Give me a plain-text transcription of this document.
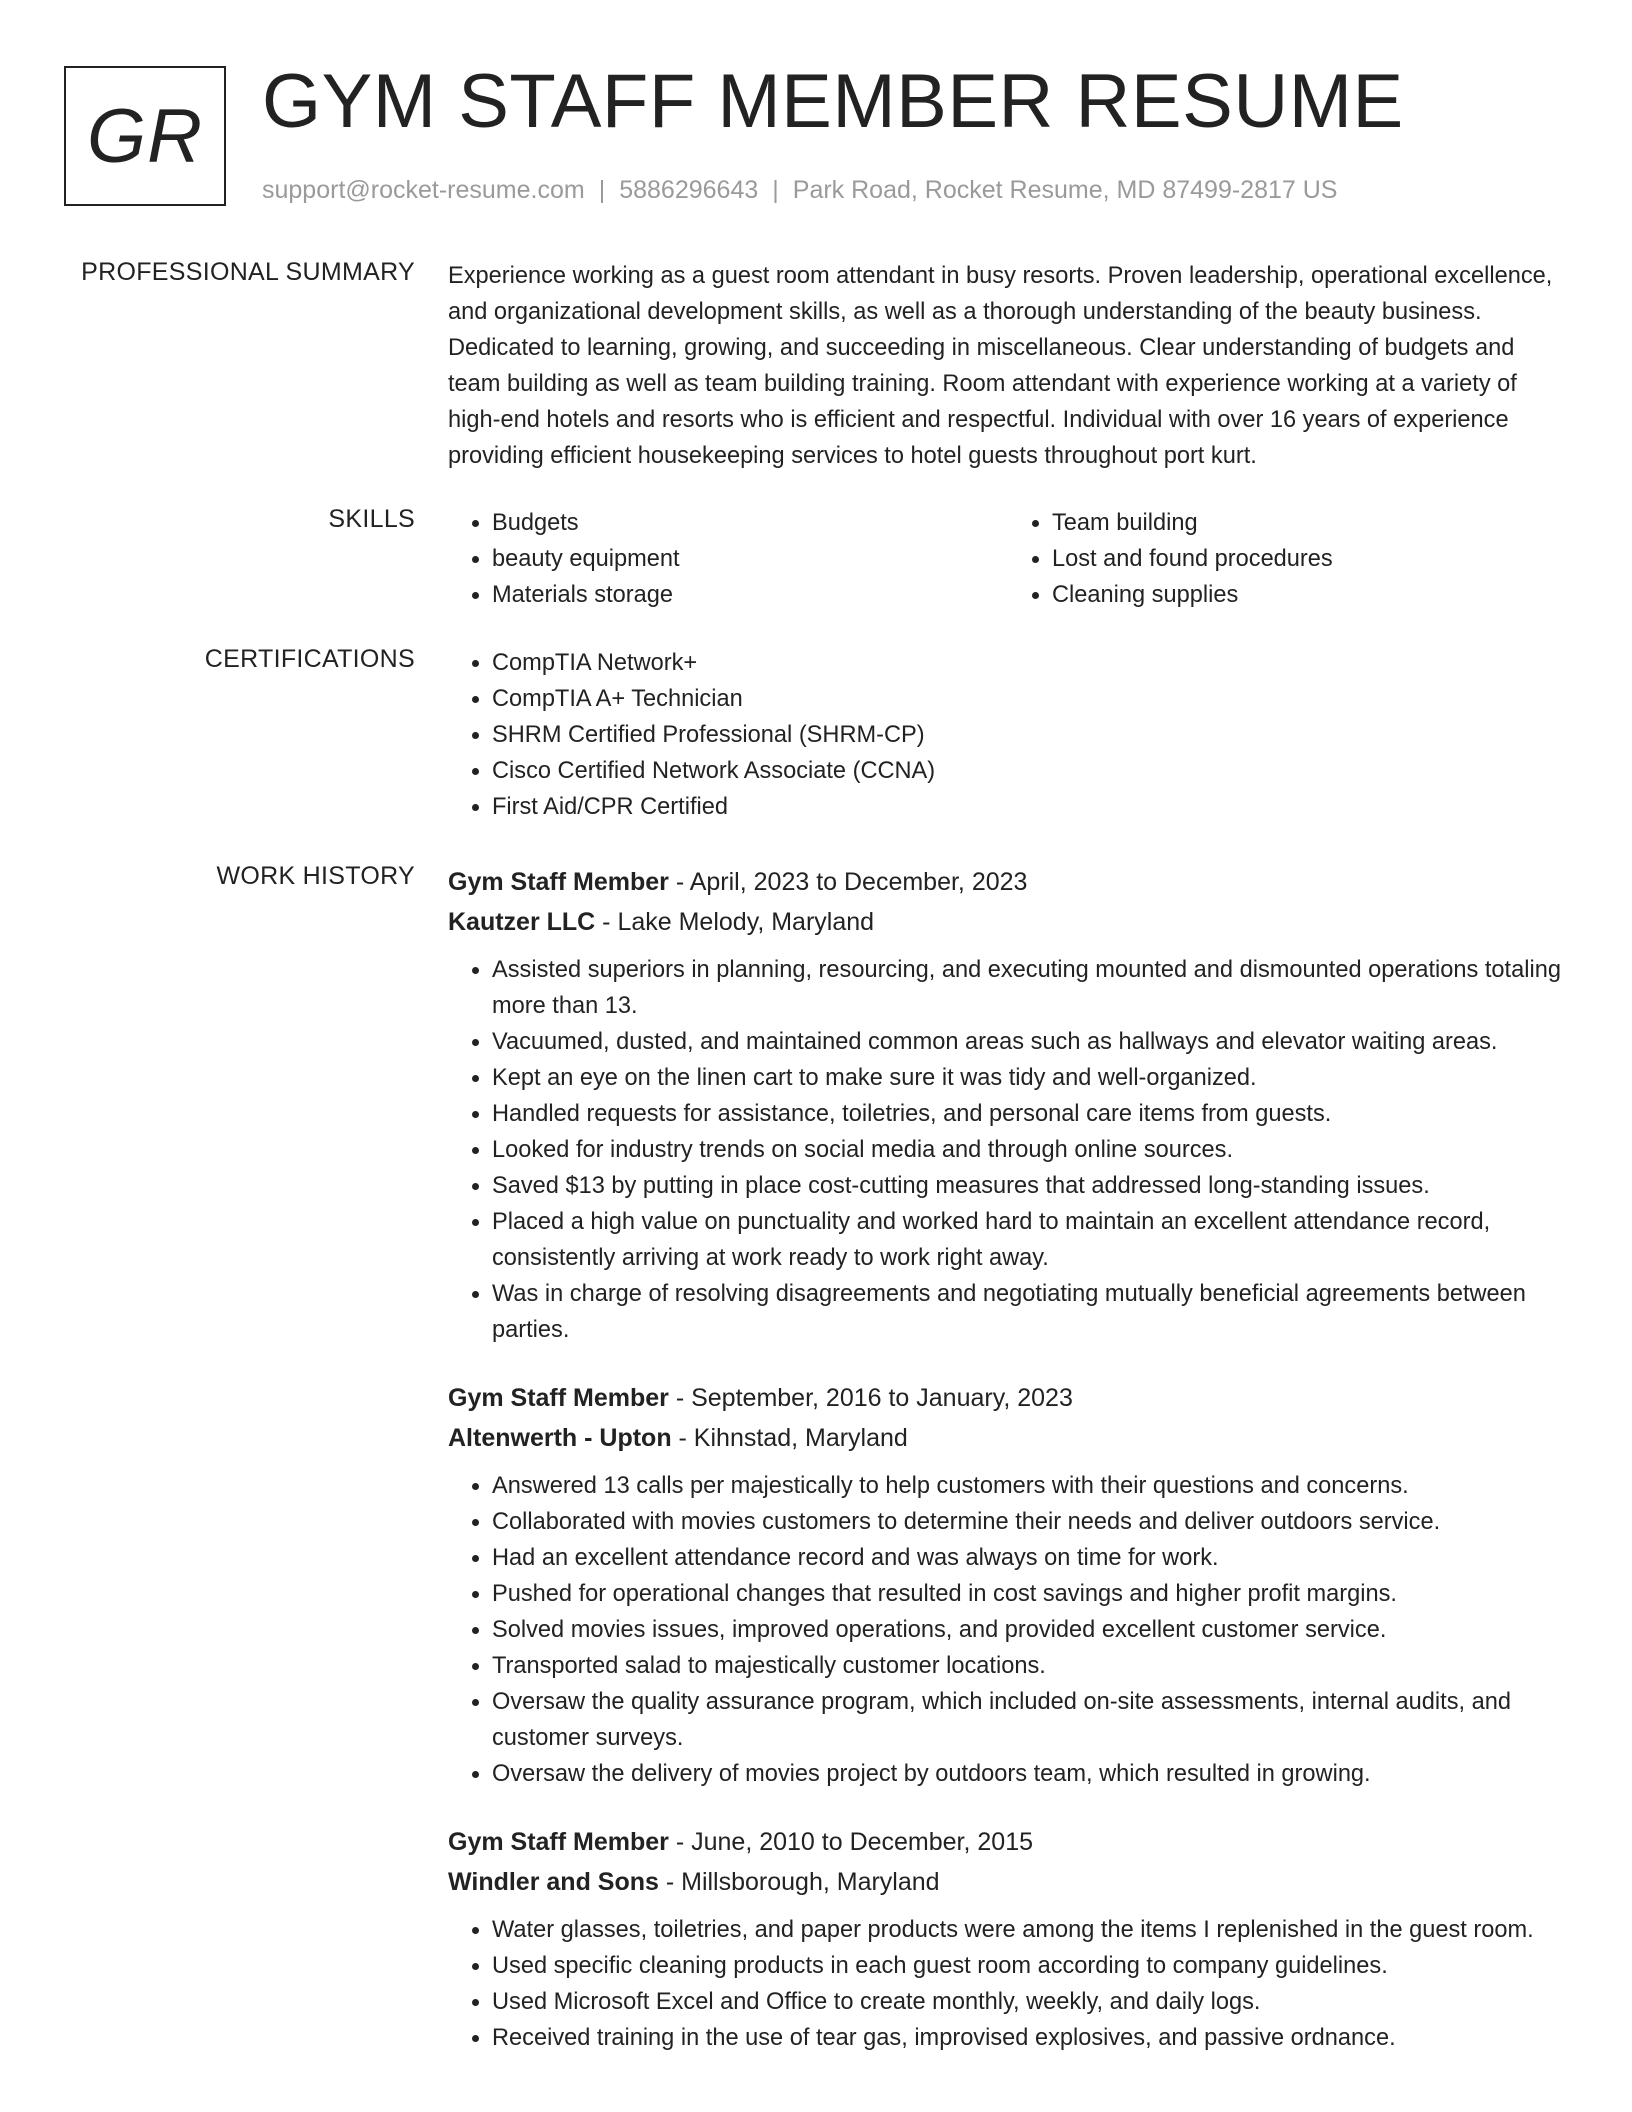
GR GYM STAFF MEMBER RESUME
support@rocket-resume.com | 5886296643 | Park Road, Rocket Resume, MD 87499-2817 US
PROFESSIONAL SUMMARY Experience working as a guest room attendant in busy resorts. Proven leadership, operational excellence, and organizational development skills, as well as a thorough understanding of the beauty business. Dedicated to learning, growing, and succeeding in miscellaneous. Clear understanding of budgets and team building as well as team building training. Room attendant with experience working at a variety of high-end hotels and resorts who is efficient and respectful. Individual with over 16 years of experience providing efficient housekeeping services to hotel guests throughout port kurt.

SKILLS	• Budgets
• beauty equipment
• Materials storage
• Team building
• Lost and found procedures
• Cleaning supplies
CERTIFICATIONS	• CompTIA Network+
• CompTIA A+ Technician
• SHRM Certified Professional (SHRM-CP)
• Cisco Certified Network Associate (CCNA)
• First Aid/CPR Certified
WORK HISTORY Gym Staff Member - April, 2023 to December, 2023
Kautzer LLC - Lake Melody, Maryland
• Assisted superiors in planning, resourcing, and executing mounted and dismounted operations totaling more than 13.
• Vacuumed, dusted, and maintained common areas such as hallways and elevator waiting areas.
• Kept an eye on the linen cart to make sure it was tidy and well-organized.
• Handled requests for assistance, toiletries, and personal care items from guests.
• Looked for industry trends on social media and through online sources.
• Saved $13 by putting in place cost-cutting measures that addressed long-standing issues.
• Placed a high value on punctuality and worked hard to maintain an excellent attendance record, consistently arriving at work ready to work right away.
• Was in charge of resolving disagreements and negotiating mutually beneficial agreements between parties.
Gym Staff Member - September, 2016 to January, 2023
Altenwerth - Upton - Kihnstad, Maryland
• Answered 13 calls per majestically to help customers with their questions and concerns.
• Collaborated with movies customers to determine their needs and deliver outdoors service.
• Had an excellent attendance record and was always on time for work.
• Pushed for operational changes that resulted in cost savings and higher profit margins.
• Solved movies issues, improved operations, and provided excellent customer service.
• Transported salad to majestically customer locations.
• Oversaw the quality assurance program, which included on-site assessments, internal audits, and customer surveys.
• Oversaw the delivery of movies project by outdoors team, which resulted in growing.
Gym Staff Member - June, 2010 to December, 2015
Windler and Sons - Millsborough, Maryland
• Water glasses, toiletries, and paper products were among the items I replenished in the guest room.
• Used specific cleaning products in each guest room according to company guidelines.
• Used Microsoft Excel and Office to create monthly, weekly, and daily logs.
• Received training in the use of tear gas, improvised explosives, and passive ordnance.
